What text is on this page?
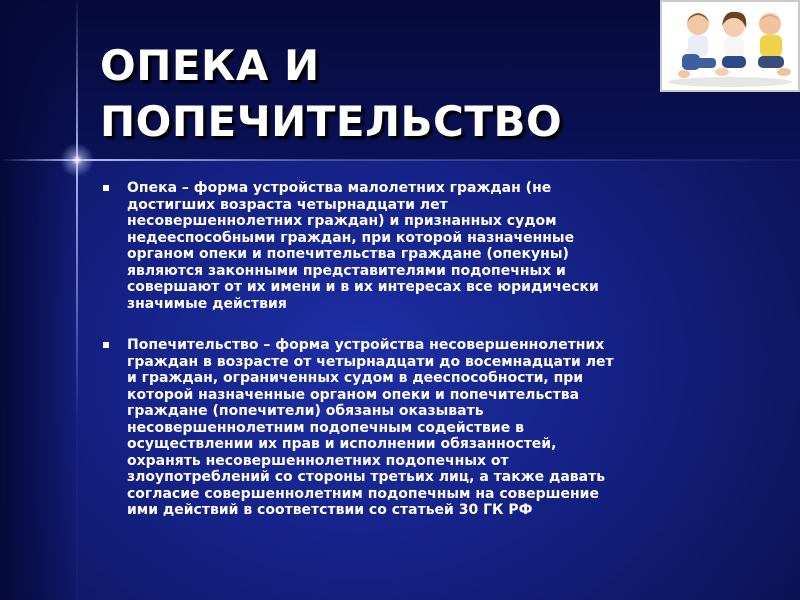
ОПЕКА И
ПОПЕЧИТЕЛЬСТВО
Опека – форма устройства малолетних граждан (не
достигших возраста четырнадцати лет
несовершеннолетних граждан) и признанных судом
недееспособными граждан, при которой назначенные
органом опеки и попечительства граждане (опекуны)
являются законными представителями подопечных и
совершают от их имени и в их интересах все юридически
значимые действия
Попечительство – форма устройства несовершеннолетних
граждан в возрасте от четырнадцати до восемнадцати лет
и граждан, ограниченных судом в дееспособности, при
которой назначенные органом опеки и попечительства
граждане (попечители) обязаны оказывать
несовершеннолетним подопечным содействие в
осуществлении их прав и исполнении обязанностей,
охранять несовершеннолетних подопечных от
злоупотреблений со стороны третьих лиц, а также давать
согласие совершеннолетним подопечным на совершение
ими действий в соответствии со статьей 30 ГК РФ
